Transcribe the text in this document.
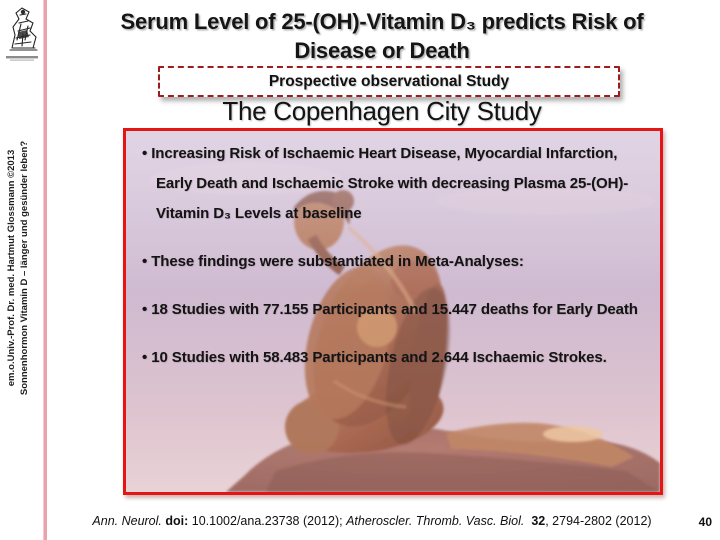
em.o.Univ.-Prof. Dr. med. Hartmut Glossmann ©2013 Sonnenhormon Vitamin D – länger und gesünder leben?
Serum Level of 25-(OH)-Vitamin D₃ predicts Risk of
Disease or Death
Prospective observational Study
The Copenhagen City Study
• Increasing Risk of Ischaemic Heart Disease, Myocardial Infarction, Early Death and Ischaemic Stroke with decreasing Plasma 25-(OH)-Vitamin D₃ Levels at baseline
• These findings were substantiated in Meta-Analyses:
• 18 Studies with 77.155 Participants and 15.447 deaths for Early Death
• 10 Studies with 58.483 Participants and 2.644 Ischaemic Strokes.
Ann. Neurol. doi: 10.1002/ana.23738 (2012); Atheroscler. Thromb. Vasc. Biol.  32, 2794-2802 (2012)	40
